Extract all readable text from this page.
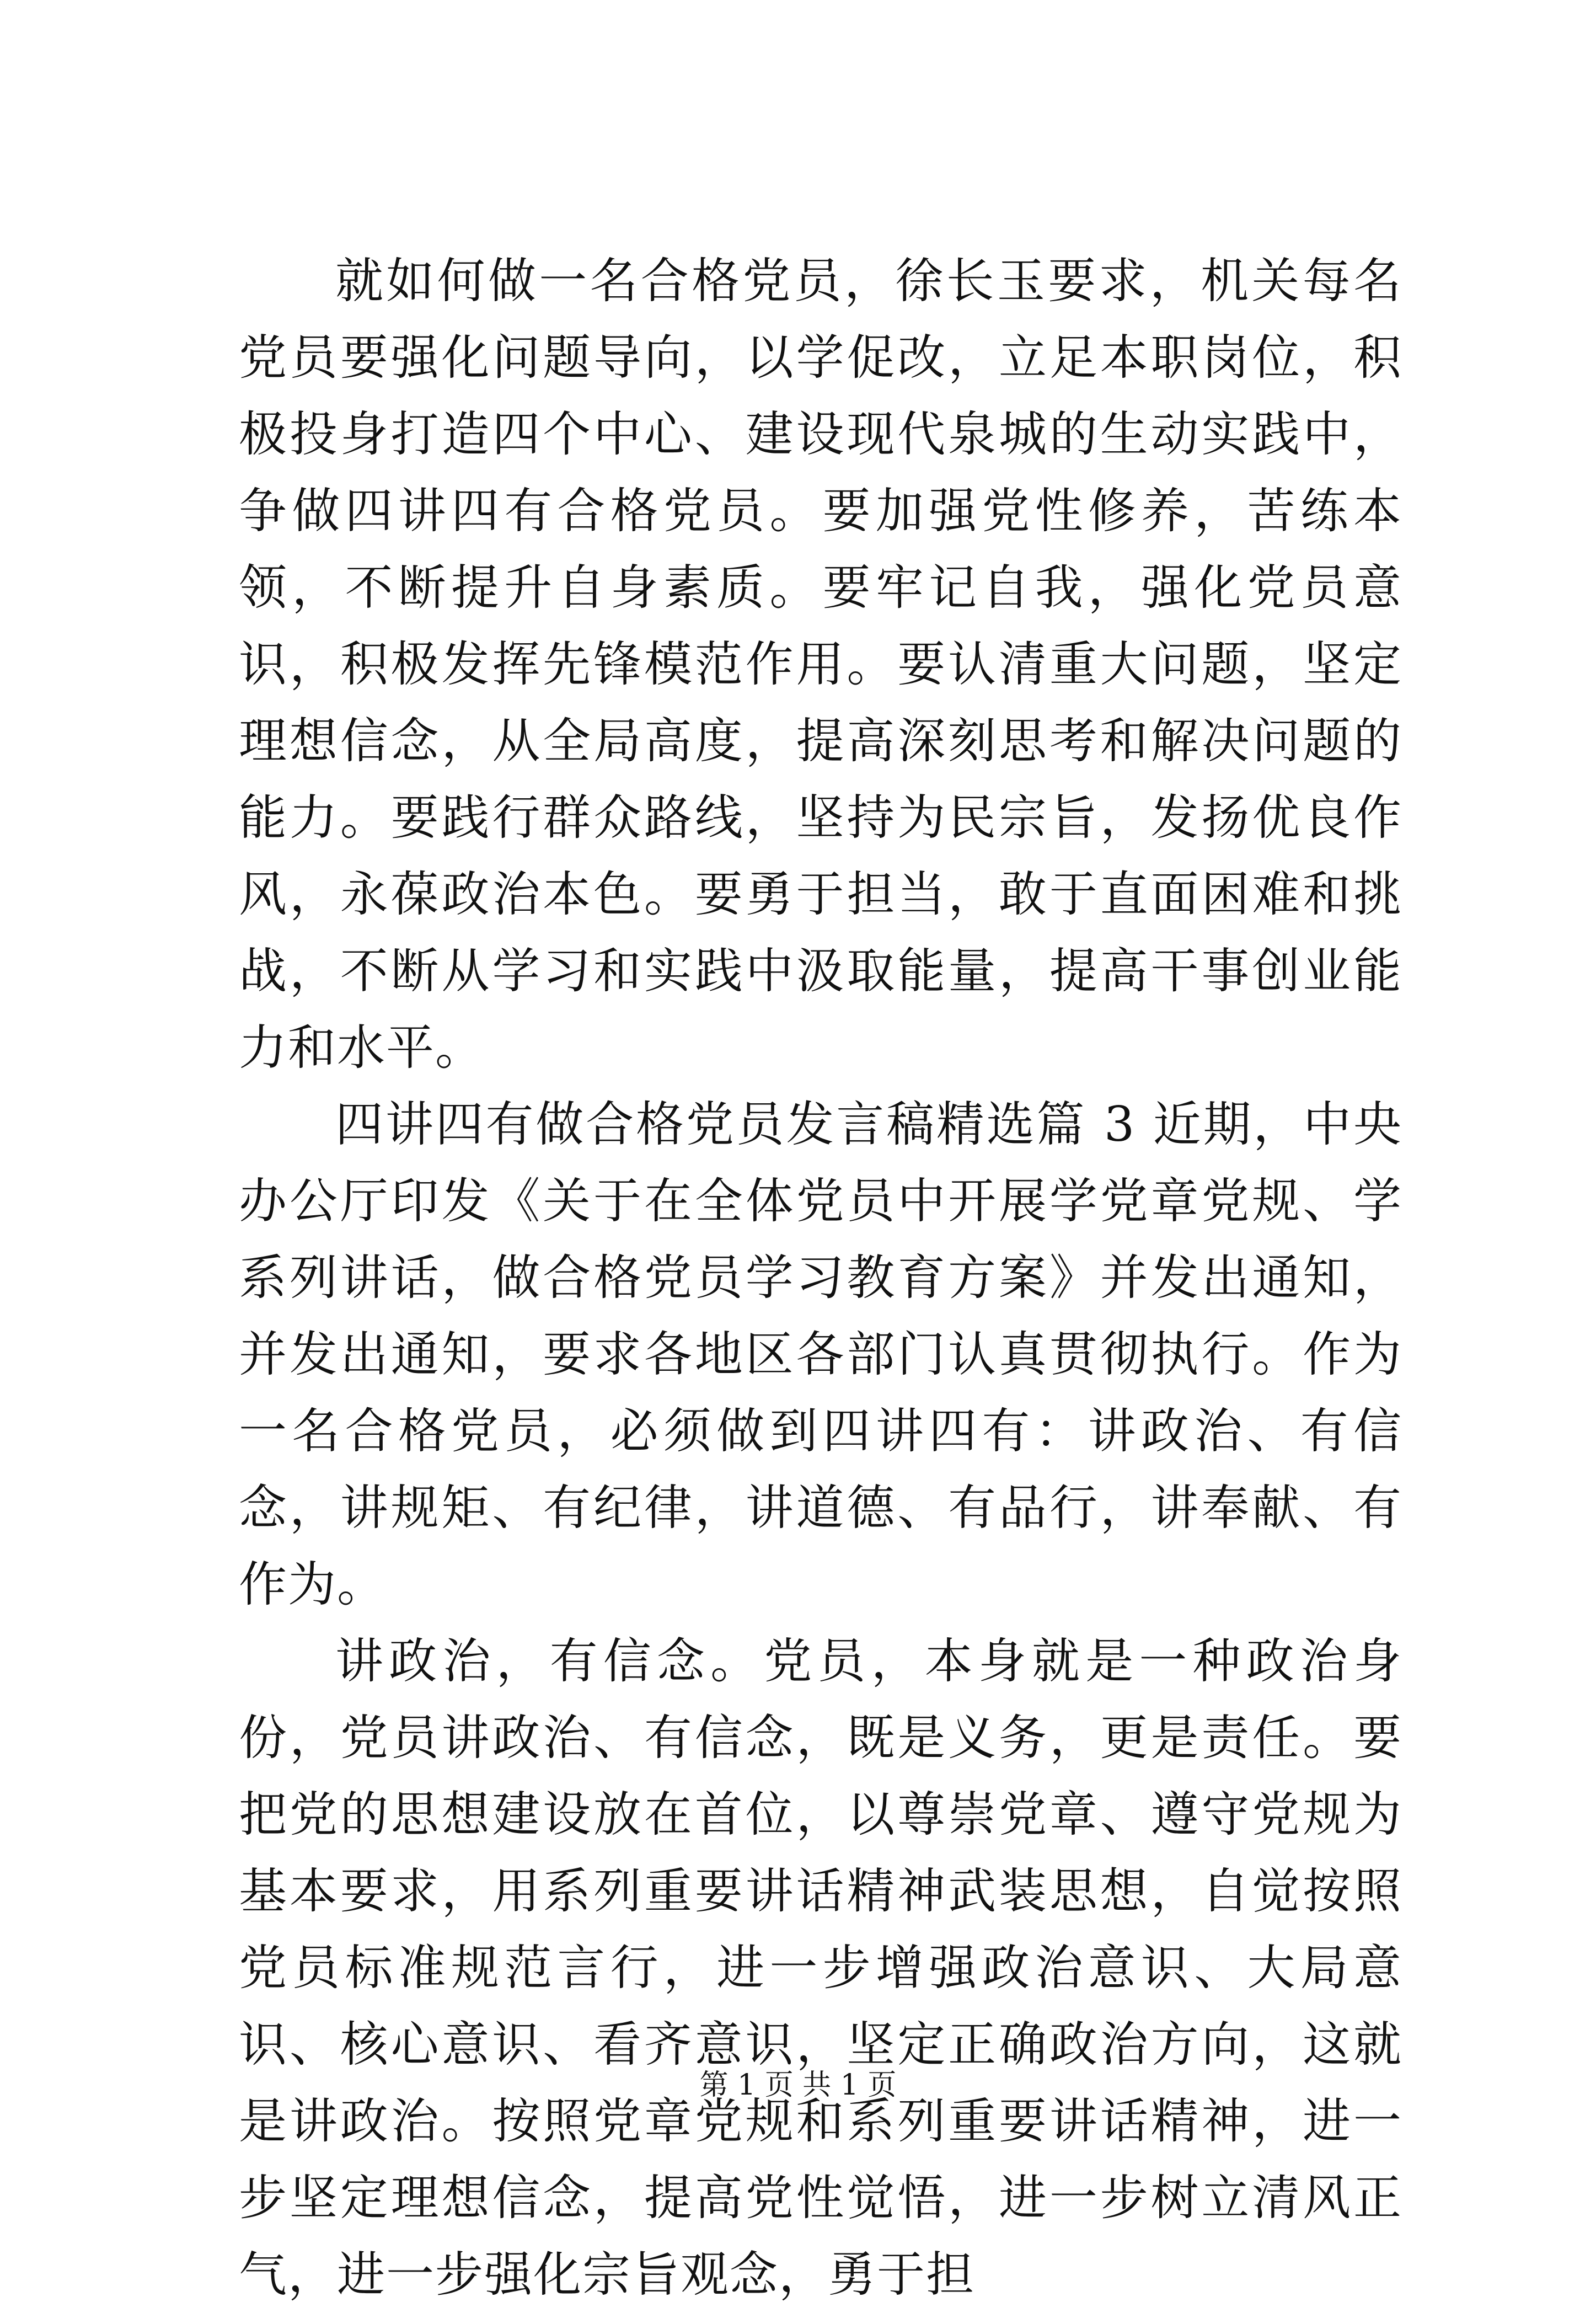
就如何做一名合格党员，徐长玉要求，机关每名党员要强化问题导向，以学促改，立足本职岗位，积极投身打造四个中心、建设现代泉城的生动实践中，争做四讲四有合格党员。要加强党性修养，苦练本领，不断提升自身素质。要牢记自我，强化党员意识，积极发挥先锋模范作用。要认清重大问题，坚定理想信念，从全局高度，提高深刻思考和解决问题的能力。要践行群众路线，坚持为民宗旨，发扬优良作风，永葆政治本色。要勇于担当，敢于直面困难和挑战，不断从学习和实践中汲取能量，提高干事创业能力和水平。

四讲四有做合格党员发言稿精选篇 3 近期，中央办公厅印发《关于在全体党员中开展学党章党规、学系列讲话，做合格党员学习教育方案》并发出通知，并发出通知，要求各地区各部门认真贯彻执行。作为一名合格党员，必须做到四讲四有：讲政治、有信念，讲规矩、有纪律，讲道德、有品行，讲奉献、有作为。

讲政治，有信念。党员，本身就是一种政治身份，党员讲政治、有信念，既是义务，更是责任。要把党的思想建设放在首位，以尊崇党章、遵守党规为基本要求，用系列重要讲话精神武装思想，自觉按照党员标准规范言行，进一步增强政治意识、大局意识、核心意识、看齐意识，坚定正确政治方向，这就是讲政治。按照党章党规和系列重要讲话精神，进一步坚定理想信念，提高党性觉悟，进一步树立清风正气，进一步强化宗旨观念，勇于担

第 1 页 共 1 页
